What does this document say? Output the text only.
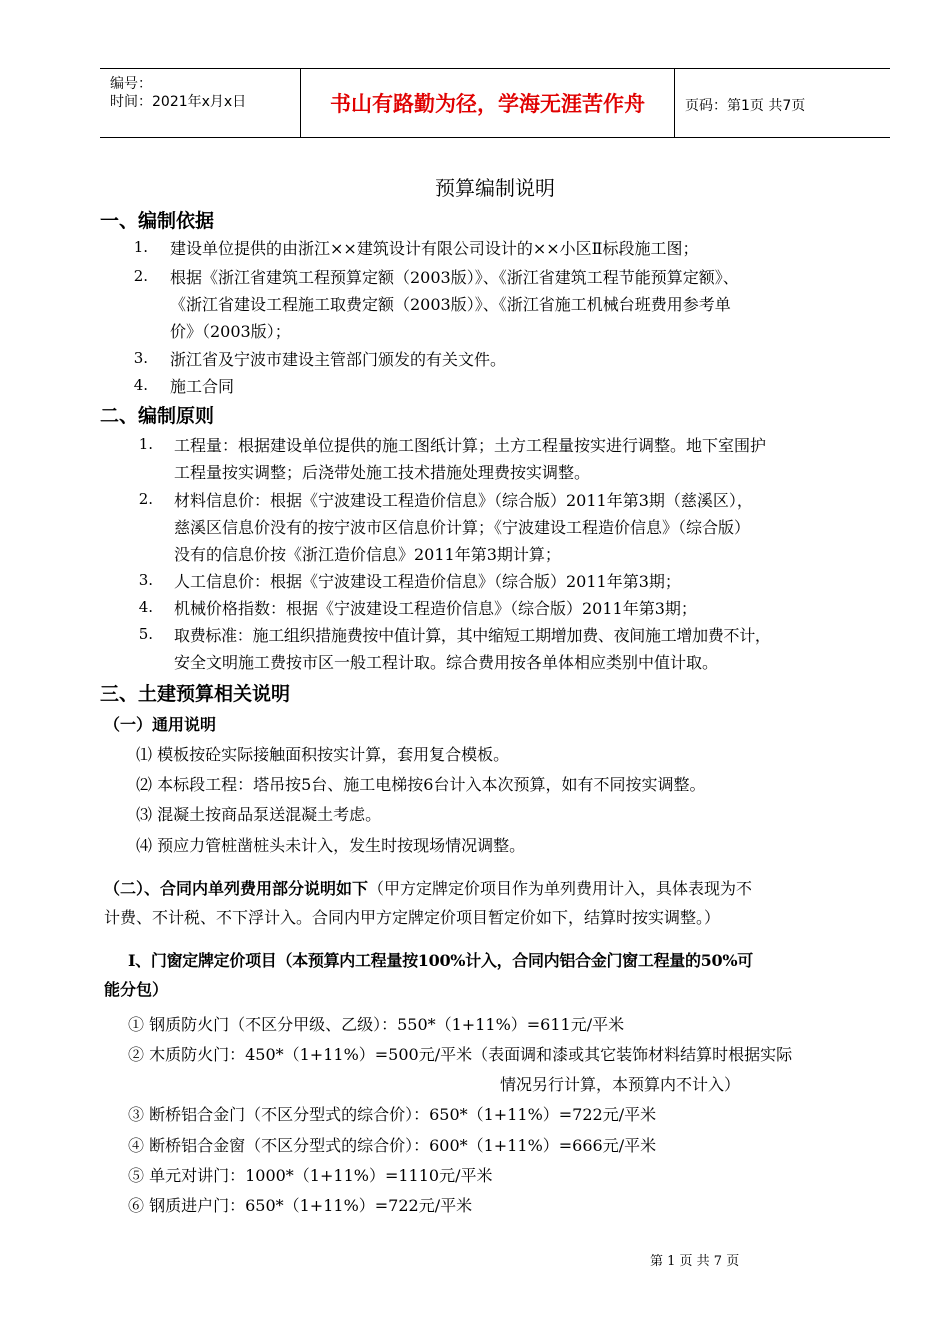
编号：
时间：2021年x月x日	书山有路勤为径，学海无涯苦作舟	页码：第1页 共7页
预算编制说明
一、编制依据
1. 建设单位提供的由浙江××建筑设计有限公司设计的××小区Ⅱ标段施工图；
2. 根据《浙江省建筑工程预算定额（2003版）》、《浙江省建筑工程节能预算定额》、
《浙江省建设工程施工取费定额（2003版）》、《浙江省施工机械台班费用参考单
价》（2003版）；
3. 浙江省及宁波市建设主管部门颁发的有关文件。
4. 施工合同
二、编制原则
1. 工程量：根据建设单位提供的施工图纸计算；土方工程量按实进行调整。地下室围护
工程量按实调整；后浇带处施工技术措施处理费按实调整。
2. 材料信息价：根据《宁波建设工程造价信息》（综合版）2011年第3期（慈溪区），
慈溪区信息价没有的按宁波市区信息价计算；《宁波建设工程造价信息》（综合版）
没有的信息价按《浙江造价信息》2011年第3期计算；
3. 人工信息价：根据《宁波建设工程造价信息》（综合版）2011年第3期；
4. 机械价格指数：根据《宁波建设工程造价信息》（综合版）2011年第3期；
5. 取费标准：施工组织措施费按中值计算，其中缩短工期增加费、夜间施工增加费不计，
安全文明施工费按市区一般工程计取。综合费用按各单体相应类别中值计取。
三、土建预算相关说明
（一）通用说明
⑴ 模板按砼实际接触面积按实计算，套用复合模板。
⑵ 本标段工程：塔吊按5台、施工电梯按6台计入本次预算，如有不同按实调整。
⑶ 混凝土按商品泵送混凝土考虑。
⑷ 预应力管桩凿桩头未计入，发生时按现场情况调整。
（二）、合同内单列费用部分说明如下（甲方定牌定价项目作为单列费用计入，具体表现为不
计费、不计税、不下浮计入。合同内甲方定牌定价项目暂定价如下，结算时按实调整。）
Ⅰ、门窗定牌定价项目（本预算内工程量按100%计入，合同内铝合金门窗工程量的50%可
能分包）
① 钢质防火门（不区分甲级、乙级）：550*（1+11%）=611元/平米
② 木质防火门：450*（1+11%）=500元/平米（表面调和漆或其它装饰材料结算时根据实际
情况另行计算，本预算内不计入）
③ 断桥铝合金门（不区分型式的综合价）：650*（1+11%）=722元/平米
④ 断桥铝合金窗（不区分型式的综合价）：600*（1+11%）=666元/平米
⑤ 单元对讲门：1000*（1+11%）=1110元/平米
⑥ 钢质进户门：650*（1+11%）=722元/平米
第 1 页 共 7 页
